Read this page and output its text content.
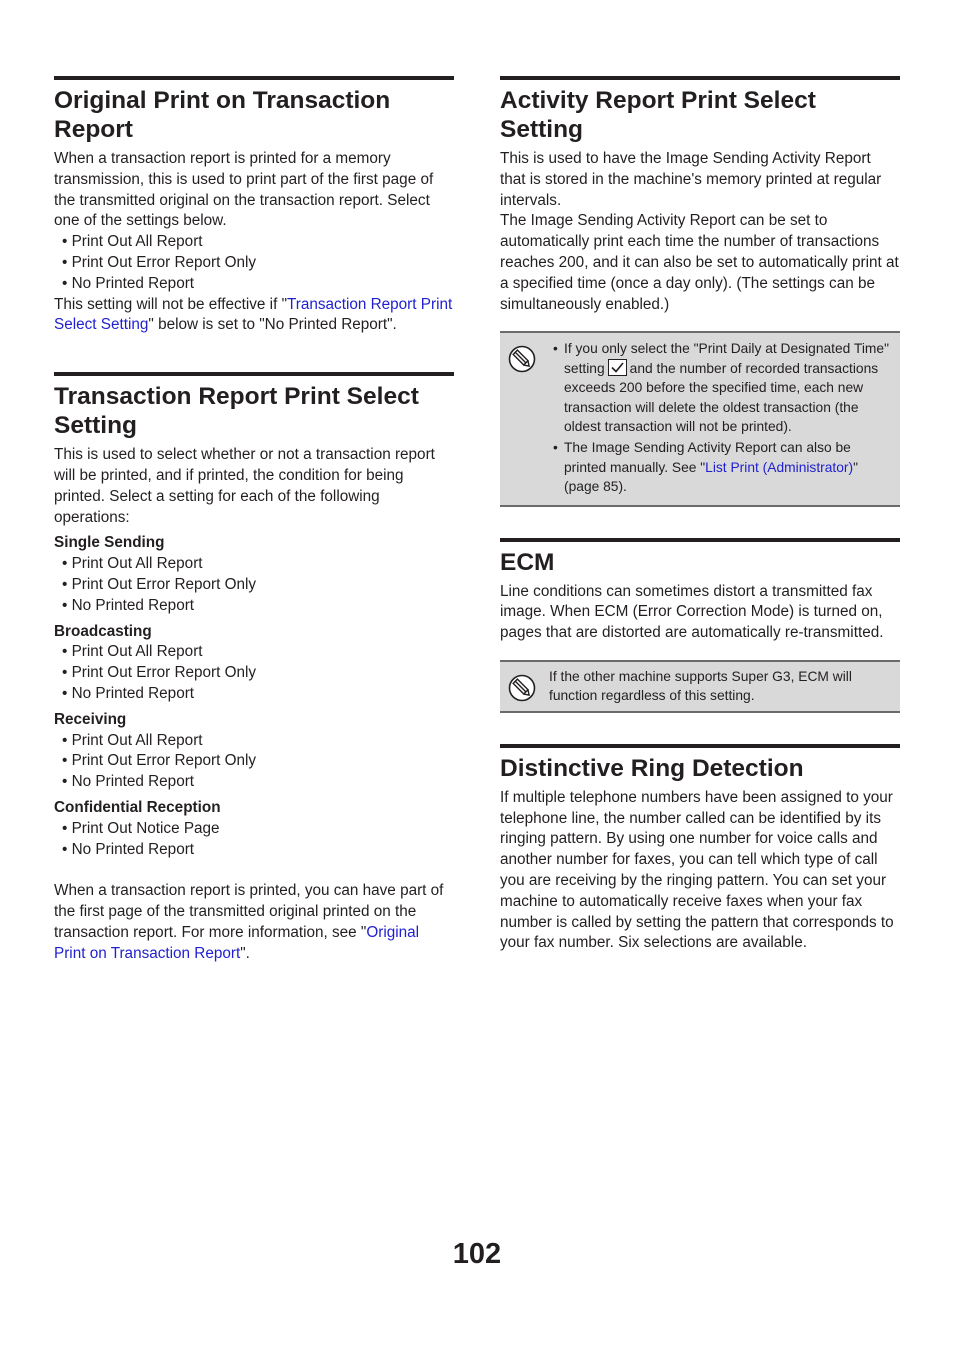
Original Print on Transaction Report

When a transaction report is printed for a memory transmission, this is used to print part of the first page of the transmitted original on the transaction report. Select one of the settings below.

• Print Out All Report
• Print Out Error Report Only
• No Printed Report

This setting will not be effective if "Transaction Report Print Select Setting" below is set to "No Printed Report".

Transaction Report Print Select Setting

This is used to select whether or not a transaction report will be printed, and if printed, the condition for being printed. Select a setting for each of the following operations:

Single Sending
• Print Out All Report
• Print Out Error Report Only
• No Printed Report
Broadcasting
• Print Out All Report
• Print Out Error Report Only
• No Printed Report
Receiving
• Print Out All Report
• Print Out Error Report Only
• No Printed Report
Confidential Reception
• Print Out Notice Page
• No Printed Report

When a transaction report is printed, you can have part of the first page of the transmitted original printed on the transaction report. For more information, see "Original Print on Transaction Report".

Activity Report Print Select Setting

This is used to have the Image Sending Activity Report that is stored in the machine's memory printed at regular intervals.

The Image Sending Activity Report can be set to automatically print each time the number of transactions reaches 200, and it can also be set to automatically print at a specified time (once a day only). (The settings can be simultaneously enabled.)

• If you only select the "Print Daily at Designated Time" setting and the number of recorded transactions exceeds 200 before the specified time, each new transaction will delete the oldest transaction (the oldest transaction will not be printed).
• The Image Sending Activity Report can also be printed manually. See "List Print (Administrator)" (page 85).
ECM

Line conditions can sometimes distort a transmitted fax image. When ECM (Error Correction Mode) is turned on, pages that are distorted are automatically re-transmitted.

If the other machine supports Super G3, ECM will function regardless of this setting.
Distinctive Ring Detection

If multiple telephone numbers have been assigned to your telephone line, the number called can be identified by its ringing pattern. By using one number for voice calls and another number for faxes, you can tell which type of call you are receiving by the ringing pattern. You can set your machine to automatically receive faxes when your fax number is called by setting the pattern that corresponds to your fax number. Six selections are available.

102
